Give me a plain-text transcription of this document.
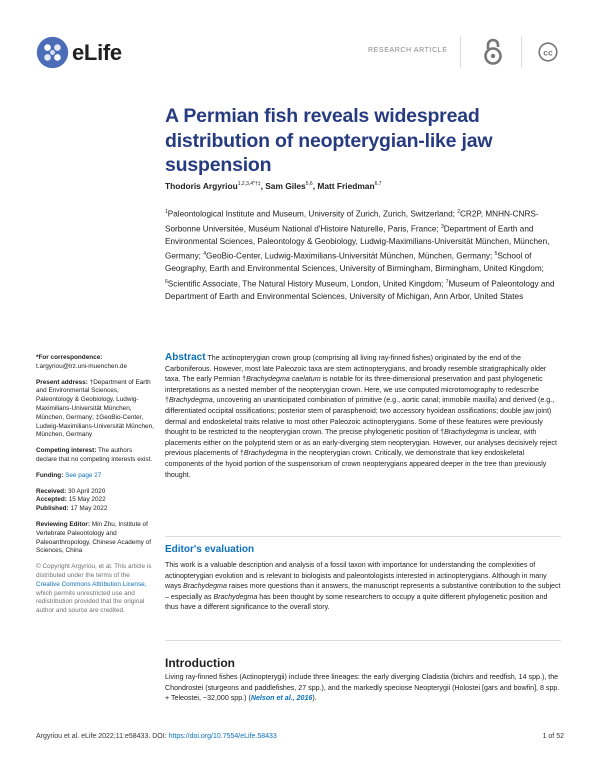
eLife	RESEARCH ARTICLE	cc
A Permian fish reveals widespread distribution of neopterygian-like jaw suspension
Thodoris Argyriou$^{1,2,3,4*\dagger\ddagger}$, Sam Giles$^{5,6}$, Matt Friedman$^{6,7}$
$^1$Paleontological Institute and Museum, University of Zurich, Zurich, Switzerland; $^2$CR2P, MNHN-CNRS-Sorbonne Universitée, Muséum National d'Histoire Naturelle, Paris, France; $^3$Department of Earth and Environmental Sciences, Paleontology & Geobiology, Ludwig-Maximilians-Universität München, München, Germany; $^4$GeoBio-Center, Ludwig-Maximilians-Universität München, München, Germany; $^5$School of Geography, Earth and Environmental Sciences, University of Birmingham, Birmingham, United Kingdom; $^6$Scientific Associate, The Natural History Museum, London, United Kingdom; $^7$Museum of Paleontology and Department of Earth and Environmental Sciences, University of Michigan, Ann Arbor, United States
*For correspondence:
t.argyriou@lrz.uni-muenchen.de
Present address: †Department of Earth and Environmental Sciences, Paleontology & Geobiology, Ludwig-Maximilians-Universität München, München, Germany; ‡GeoBio-Center, Ludwig-Maximilians-Universität München, München, Germany
Competing interest: The authors declare that no competing interests exist.
Funding: See page 27
Received: 30 April 2020
Accepted: 15 May 2022
Published: 17 May 2022
Reviewing Editor: Min Zhu, Institute of Vertebrate Paleontology and Paleoanthropology, Chinese Academy of Sciences, China
© Copyright Argyriou, et al. This article is distributed under the terms of the Creative Commons Attribution License, which permits unrestricted use and redistribution provided that the original author and source are credited.
Abstract The actinopterygian crown group (comprising all living ray-finned fishes) originated by the end of the Carboniferous. However, most late Paleozoic taxa are stem actinopterygians, and broadly resemble stratigraphically older taxa. The early Permian †Brachydegma caelatum is notable for its three-dimensional preservation and past phylogenetic interpretations as a nested member of the neopterygian crown. Here, we use computed microtomography to redescribe †Brachydegma, uncovering an unanticipated combination of primitive (e.g., aortic canal; immobile maxilla) and derived (e.g., differentiated occipital ossifications; posterior stem of parasphenoid; two accessory hyoidean ossifications; double jaw joint) dermal and endoskeletal traits relative to most other Paleozoic actinopterygians. Some of these features were previously thought to be restricted to the neopterygian crown. The precise phylogenetic position of †Brachydegma is unclear, with placements either on the polypterid stem or as an early-diverging stem neopterygian. However, our analyses decisively reject previous placements of †Brachydegma in the neopterygian crown. Critically, we demonstrate that key endoskeletal components of the hyoid portion of the suspensorium of crown neopterygians appeared deeper in the tree than previously thought.
Editor's evaluation
This work is a valuable description and analysis of a fossil taxon with importance for understanding the complexities of actinopterygian evolution and is relevant to biologists and paleontologists interested in actinopterygians. Although in many ways Brachydegma raises more questions than it answers, the manuscript represents a substantive contribution to the subject – especially as Brachydegma has been thought by some researchers to occupy a quite different phylogenetic position and thus have a different significance to the overall story.
Introduction
Living ray-finned fishes (Actinopterygii) include three lineages: the early diverging Cladistia (bichirs and reedfish, 14 spp.), the Chondrostei (sturgeons and paddlefishes, 27 spp.), and the markedly speciose Neopterygii (Holostei [gars and bowfin], 8 spp. + Teleostei, ~32,000 spp.) (Nelson et al., 2016).
Argyriou et al. eLife 2022;11:e58433. DOI: https://doi.org/10.7554/eLife.58433	1 of 52
